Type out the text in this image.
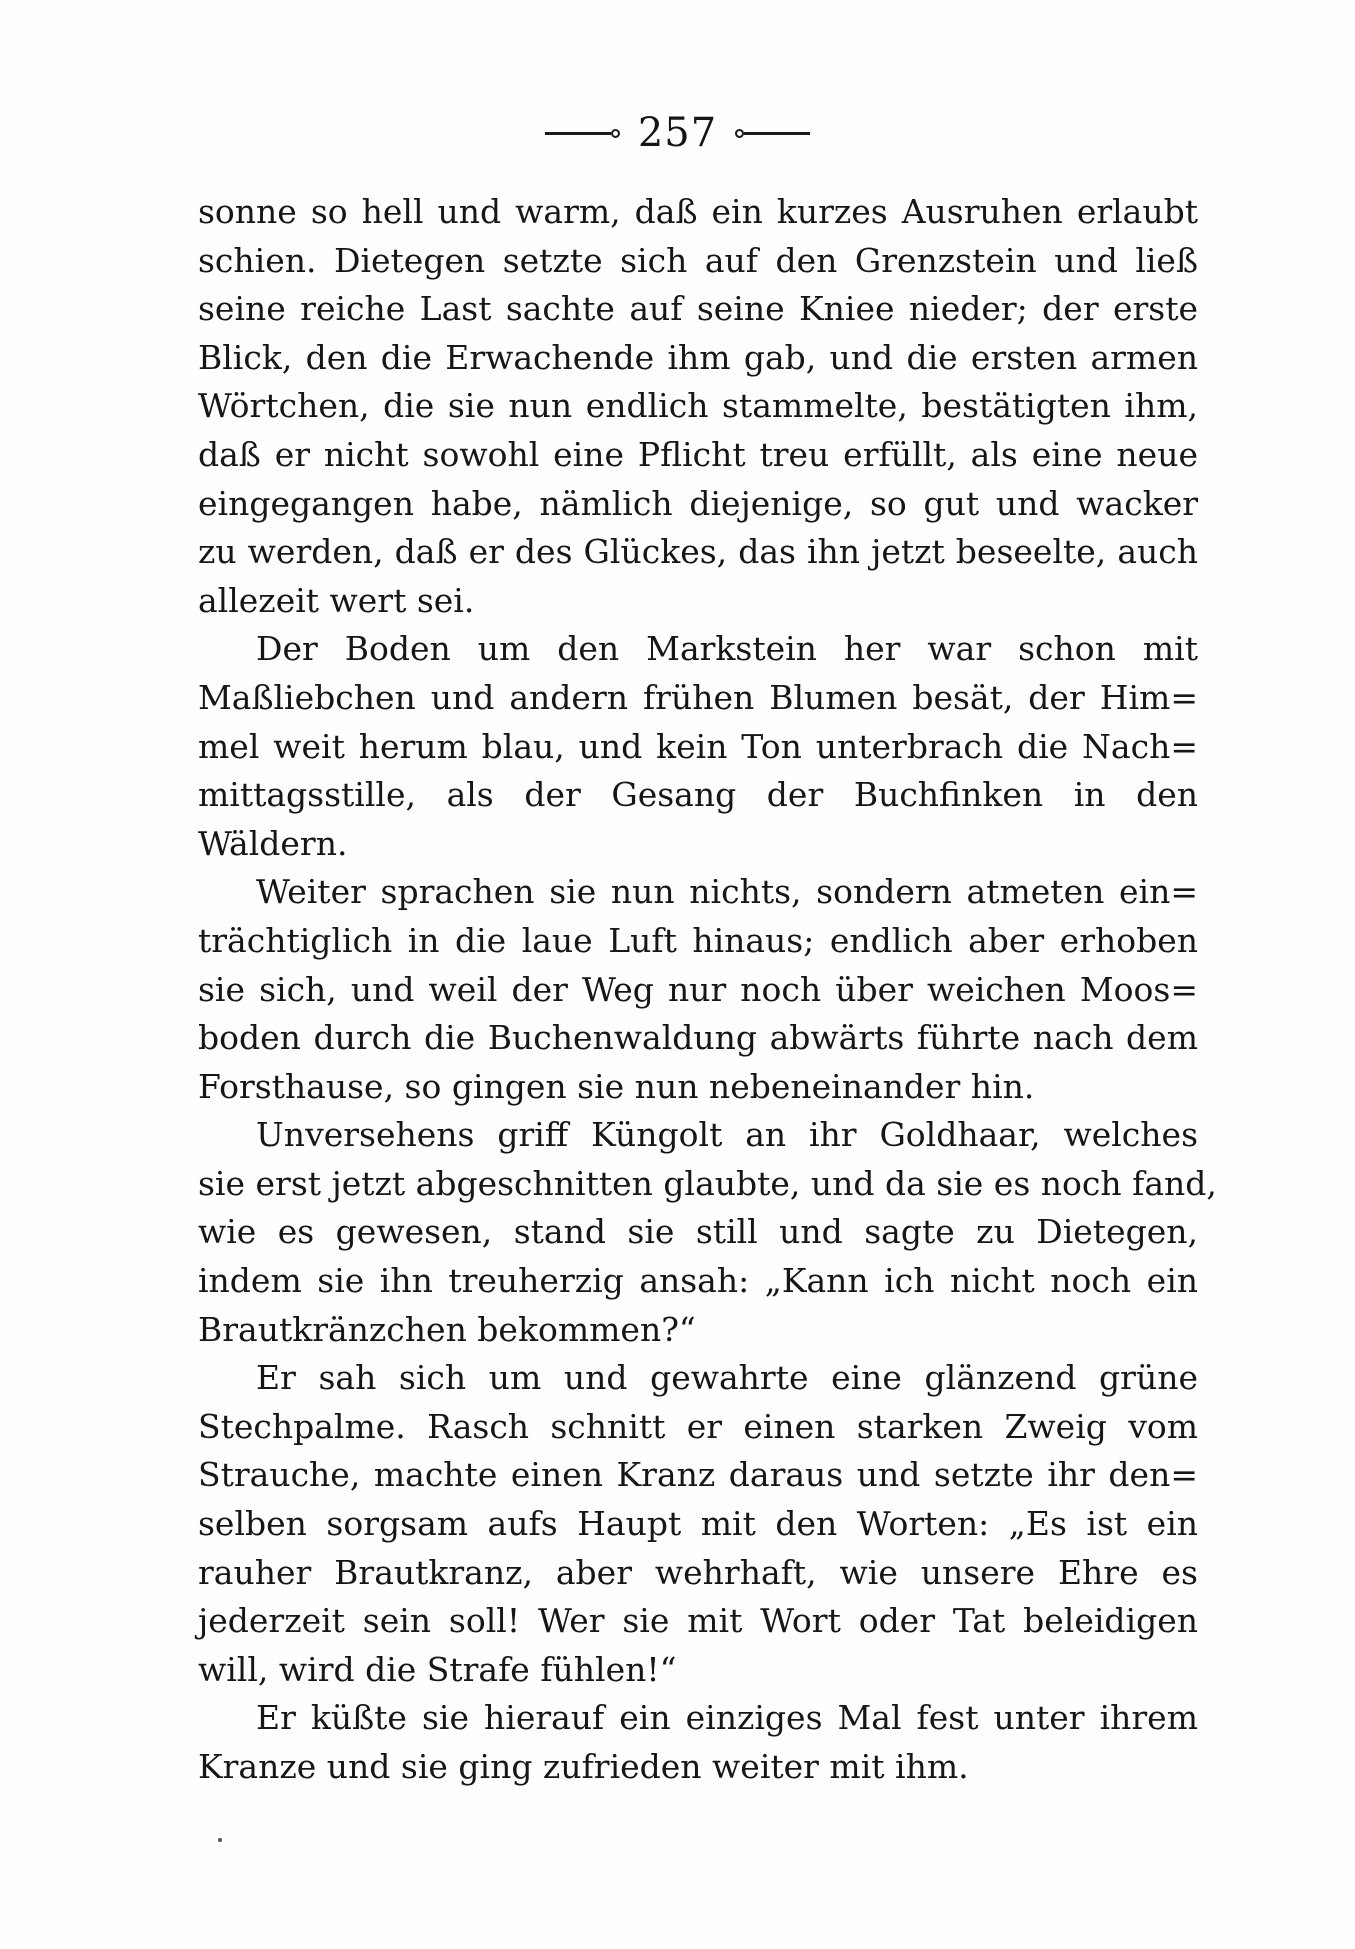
257
sonne so hell und warm, daß ein kurzes Ausruhen erlaubt
schien. Dietegen setzte sich auf den Grenzstein und ließ
seine reiche Last sachte auf seine Kniee nieder; der erste
Blick, den die Erwachende ihm gab, und die ersten armen
Wörtchen, die sie nun endlich stammelte, bestätigten ihm,
daß er nicht sowohl eine Pflicht treu erfüllt, als eine neue
eingegangen habe, nämlich diejenige, so gut und wacker
zu werden, daß er des Glückes, das ihn jetzt beseelte, auch
allezeit wert sei.
Der Boden um den Markstein her war schon mit
Maßliebchen und andern frühen Blumen besät, der Him=
mel weit herum blau, und kein Ton unterbrach die Nach=
mittagsstille, als der Gesang der Buchfinken in den
Wäldern.
Weiter sprachen sie nun nichts, sondern atmeten ein=
trächtiglich in die laue Luft hinaus; endlich aber erhoben
sie sich, und weil der Weg nur noch über weichen Moos=
boden durch die Buchenwaldung abwärts führte nach dem
Forsthause, so gingen sie nun nebeneinander hin.
Unversehens griff Küngolt an ihr Goldhaar, welches
sie erst jetzt abgeschnitten glaubte, und da sie es noch fand,
wie es gewesen, stand sie still und sagte zu Dietegen,
indem sie ihn treuherzig ansah: „Kann ich nicht noch ein
Brautkränzchen bekommen?“
Er sah sich um und gewahrte eine glänzend grüne
Stechpalme. Rasch schnitt er einen starken Zweig vom
Strauche, machte einen Kranz daraus und setzte ihr den=
selben sorgsam aufs Haupt mit den Worten: „Es ist ein
rauher Brautkranz, aber wehrhaft, wie unsere Ehre es
jederzeit sein soll! Wer sie mit Wort oder Tat beleidigen
will, wird die Strafe fühlen!“
Er küßte sie hierauf ein einziges Mal fest unter ihrem
Kranze und sie ging zufrieden weiter mit ihm.
